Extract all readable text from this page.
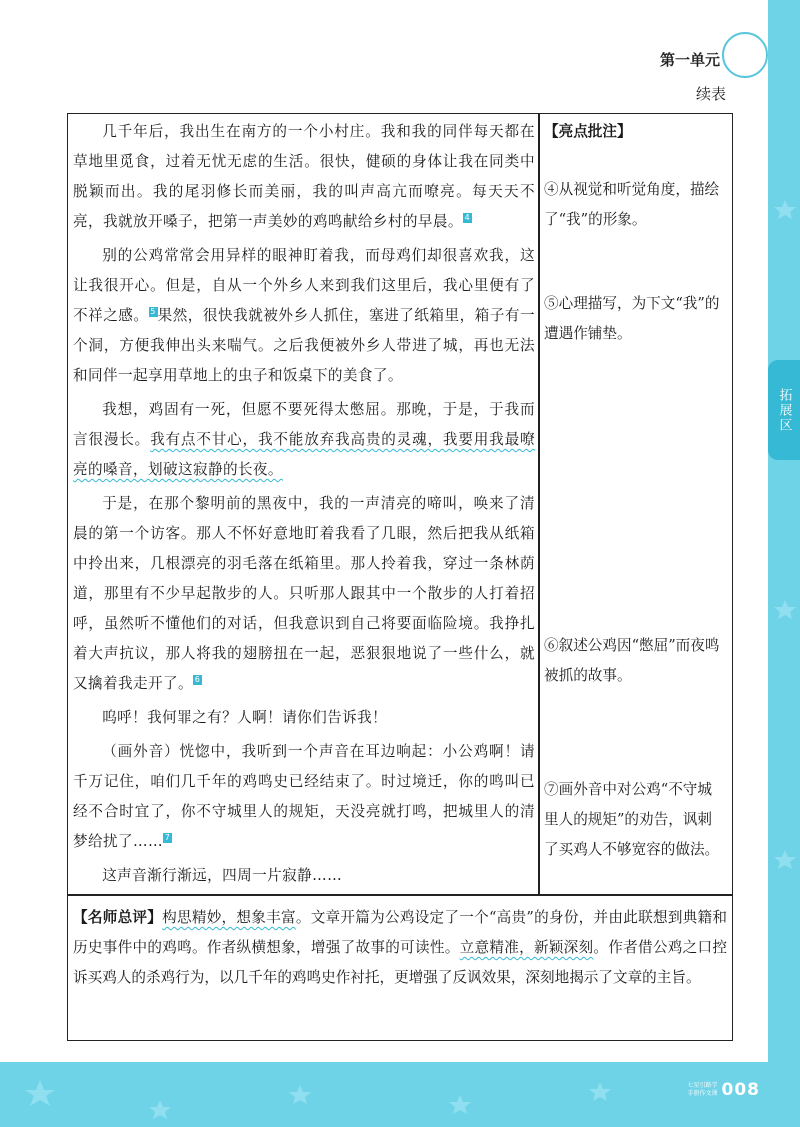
第一单元
续表

几千年后，我出生在南方的一个小村庄。我和我的同伴每天都在草地里觅食，过着无忧无虑的生活。很快，健硕的身体让我在同类中脱颖而出。我的尾羽修长而美丽，我的叫声高亢而嘹亮。每天天不亮，我就放开嗓子，把第一声美妙的鸡鸣献给乡村的早晨。 4

别的公鸡常常会用异样的眼神盯着我，而母鸡们却很喜欢我，这让我很开心。但是，自从一个外乡人来到我们这里后，我心里便有了不祥之感。 5 果然，很快我就被外乡人抓住，塞进了纸箱里，箱子有一个洞，方便我伸出头来喘气。之后我便被外乡人带进了城，再也无法和同伴一起享用草地上的虫子和饭桌下的美食了。

我想，鸡固有一死，但愿不要死得太憋屈。那晚，于是，于我而言很漫长。我有点不甘心，我不能放弃我高贵的灵魂，我要用我最嘹亮的嗓音，划破这寂静的长夜。

于是，在那个黎明前的黑夜中，我的一声清亮的啼叫，唤来了清晨的第一个访客。那人不怀好意地盯着我看了几眼，然后把我从纸箱中拎出来，几根漂亮的羽毛落在纸箱里。那人拎着我，穿过一条林荫道，那里有不少早起散步的人。只听那人跟其中一个散步的人打着招呼，虽然听不懂他们的对话，但我意识到自己将要面临险境。我挣扎着大声抗议，那人将我的翅膀扭在一起，恶狠狠地说了一些什么，就又擒着我走开了。 6

呜呼！我何罪之有？人啊！请你们告诉我！

（画外音）恍惚中，我听到一个声音在耳边响起：小公鸡啊！请千万记住，咱们几千年的鸡鸣史已经结束了。时过境迁，你的鸣叫已经不合时宜了，你不守城里人的规矩，天没亮就打鸣，把城里人的清梦给扰了…… 7

这声音渐行渐远，四周一片寂静……

【亮点批注】
④从视觉和听觉角度，描绘了“我”的形象。
⑤心理描写，为下文“我”的遭遇作铺垫。
⑥叙述公鸡因“憋屈”而夜鸣被抓的故事。
⑦画外音中对公鸡“不守城里人的规矩”的劝告，讽刺了买鸡人不够宽容的做法。
【名师总评】构思精妙，想象丰富。文章开篇为公鸡设定了一个“高贵”的身份，并由此联想到典籍和历史事件中的鸡鸣。作者纵横想象，增强了故事的可读性。立意精准，新颖深刻。作者借公鸡之口控诉买鸡人的杀鸡行为，以几千年的鸡鸣史作衬托，更增强了反讽效果，深刻地揭示了文章的主旨。
拓展区
七星引路学 手册作文课 008
